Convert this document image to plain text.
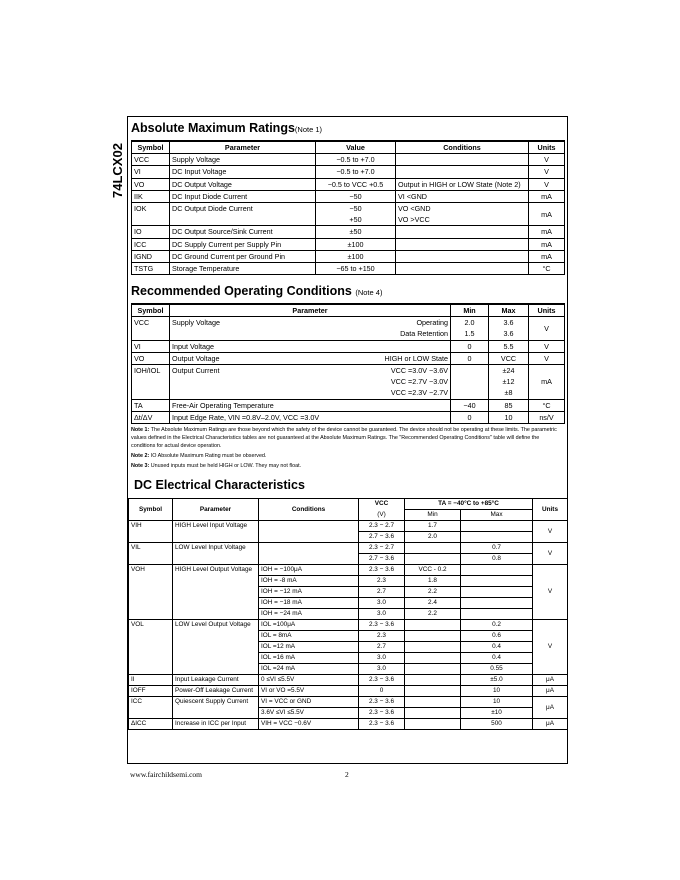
74LCX02
Absolute Maximum Ratings(Note 1)
Symbol	Parameter	Value	Conditions	Units
VCC	Supply Voltage	−0.5 to +7.0		V
VI	DC Input Voltage	−0.5 to +7.0		V
VO	DC Output Voltage	−0.5 to VCC +0.5	Output in HIGH or LOW State (Note 2)	V
IIK	DC Input Diode Current	−50	VI <GND	mA
IOK	DC Output Diode Current	−50	VO <GND	mA
		+50	VO >VCC	
IO	DC Output Source/Sink Current	±50		mA
ICC	DC Supply Current per Supply Pin	±100		mA
IGND	DC Ground Current per Ground Pin	±100		mA
TSTG	Storage Temperature	−65 to +150		°C
Recommended Operating Conditions (Note 4)
Symbol	Parameter		Min	Max	Units
VCC	Supply Voltage	Operating	2.0	3.6	V
		Data Retention	1.5	3.6	
VI	Input Voltage		0	5.5	V
VO	Output Voltage	HIGH or LOW State	0	VCC	V
IOH/IOL	Output Current	VCC =3.0V −3.6V		±24	mA
		VCC =2.7V −3.0V		±12	
		VCC =2.3V −2.7V		±8	
TA	Free-Air Operating Temperature		−40	85	°C
Δt/ΔV	Input Edge Rate, VIN =0.8V–2.0V, VCC =3.0V		0	10	ns/V

Note 1: The Absolute Maximum Ratings are those beyond which the safety of the device cannot be guaranteed. The device should not be operating at these limits. The parametric values defined in the Electrical Characteristics tables are not guaranteed at the Absolute Maximum Ratings. The "Recommended Operating Conditions" table will define the conditions for actual device operation.

Note 2: IO Absolute Maximum Rating must be observed.

Note 3: Unused inputs must be held HIGH or LOW. They may not float.

DC Electrical Characteristics
Symbol	Parameter	Conditions	VCC	TA = −40°C to +85°C		Units
			(V)	Min	Max	
VIH	HIGH Level Input Voltage		2.3 − 2.7	1.7		V
			2.7 − 3.6	2.0		
VIL	LOW Level Input Voltage		2.3 − 2.7		0.7	V
			2.7 − 3.6		0.8	
VOH	HIGH Level Output Voltage	IOH = −100μA	2.3 − 3.6	VCC - 0.2		V
		IOH = -8 mA	2.3	1.8		
		IOH = −12 mA	2.7	2.2		
		IOH = −18 mA	3.0	2.4		
		IOH = −24 mA	3.0	2.2		
VOL	LOW Level Output Voltage	IOL =100μA	2.3 − 3.6		0.2	V
		IOL = 8mA	2.3		0.6	
		IOL =12 mA	2.7		0.4	
		IOL =16 mA	3.0		0.4	
		IOL =24 mA	3.0		0.55	
II	Input Leakage Current	0 ≤VI ≤5.5V	2.3 − 3.6		±5.0	μA
IOFF	Power-Off Leakage Current	VI or VO =5.5V	0		10	μA
ICC	Quiescent Supply Current	VI = VCC or GND	2.3 − 3.6		10	μA
		3.6V ≤VI ≤5.5V	2.3 − 3.6		±10	
ΔICC	Increase in ICC per Input	VIH = VCC −0.6V	2.3 − 3.6		500	μA
www.fairchildsemi.com	2
